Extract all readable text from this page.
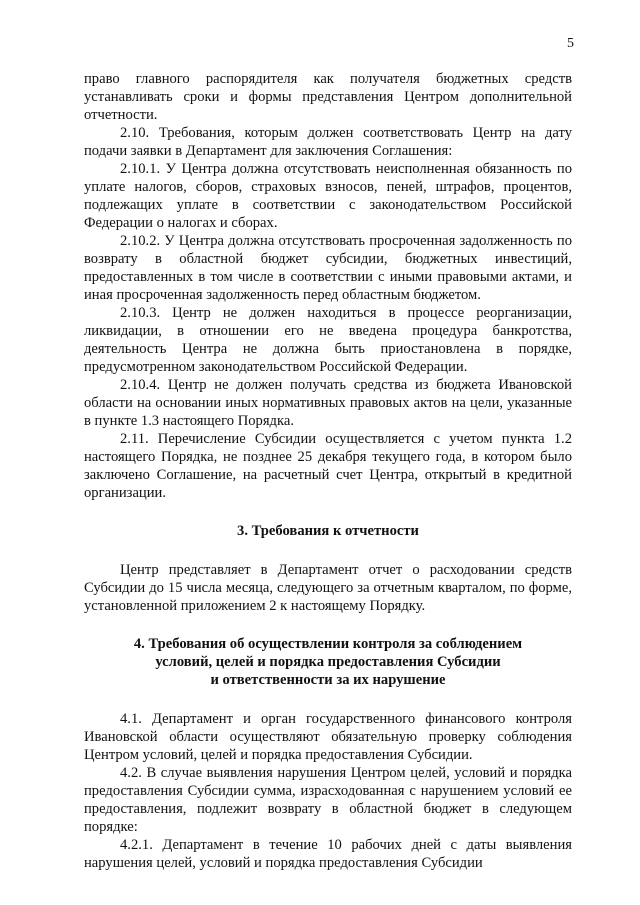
5

право главного распорядителя как получателя бюджетных средств устанавливать сроки и формы представления Центром дополнительной отчетности.

2.10. Требования, которым должен соответствовать Центр на дату подачи заявки в Департамент для заключения Соглашения:

2.10.1. У Центра должна отсутствовать неисполненная обязанность по уплате налогов, сборов, страховых взносов, пеней, штрафов, процентов, подлежащих уплате в соответствии с законодательством Российской Федерации о налогах и сборах.

2.10.2. У Центра должна отсутствовать просроченная задолженность по возврату в областной бюджет субсидии, бюджетных инвестиций, предоставленных в том числе в соответствии с иными правовыми актами, и иная просроченная задолженность перед областным бюджетом.

2.10.3. Центр не должен находиться в процессе реорганизации, ликвидации, в отношении его не введена процедура банкротства, деятельность Центра не должна быть приостановлена в порядке, предусмотренном законодательством Российской Федерации.

2.10.4. Центр не должен получать средства из бюджета Ивановской области на основании иных нормативных правовых актов на цели, указанные в пункте 1.3 настоящего Порядка.

2.11. Перечисление Субсидии осуществляется с учетом пункта 1.2 настоящего Порядка, не позднее 25 декабря текущего года, в котором было заключено Соглашение, на расчетный счет Центра, открытый в кредитной организации.

3. Требования к отчетности

Центр представляет в Департамент отчет о расходовании средств Субсидии до 15 числа месяца, следующего за отчетным кварталом, по форме, установленной приложением 2 к настоящему Порядку.

4. Требования об осуществлении контроля за соблюдением
условий, целей и порядка предоставления Субсидии
и ответственности за их нарушение

4.1. Департамент и орган государственного финансового контроля Ивановской области осуществляют обязательную проверку соблюдения Центром условий, целей и порядка предоставления Субсидии.

4.2. В случае выявления нарушения Центром целей, условий и порядка предоставления Субсидии сумма, израсходованная с нарушением условий ее предоставления, подлежит возврату в областной бюджет в следующем порядке:

4.2.1. Департамент в течение 10 рабочих дней с даты выявления нарушения целей, условий и порядка предоставления Субсидии
